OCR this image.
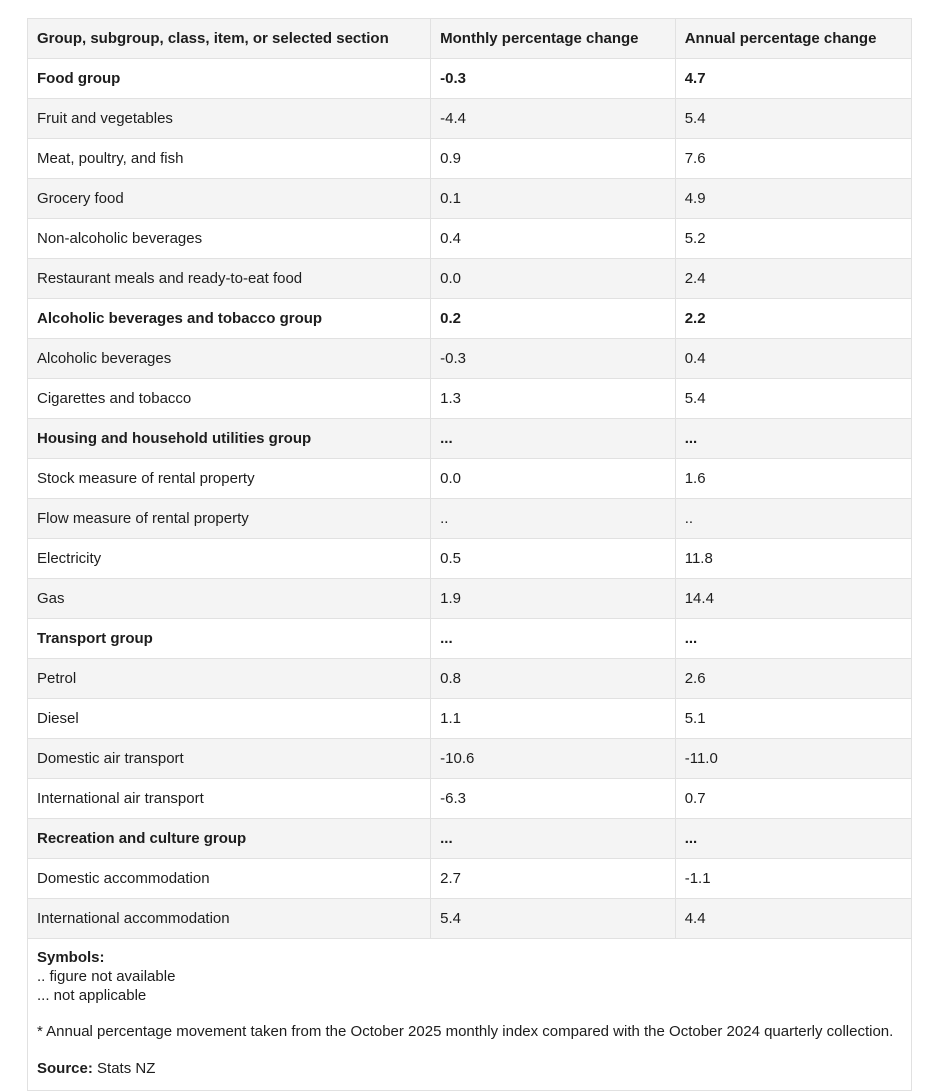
Group, subgroup, class, item, or selected section	Monthly percentage change	Annual percentage change
Food group	-0.3	4.7
Fruit and vegetables	-4.4	5.4
Meat, poultry, and fish	0.9	7.6
Grocery food	0.1	4.9
Non-alcoholic beverages	0.4	5.2
Restaurant meals and ready-to-eat food	0.0	2.4
Alcoholic beverages and tobacco group	0.2	2.2
Alcoholic beverages	-0.3	0.4
Cigarettes and tobacco	1.3	5.4
Housing and household utilities group	...	...
Stock measure of rental property	0.0	1.6
Flow measure of rental property	..	..
Electricity	0.5	11.8
Gas	1.9	14.4
Transport group	...	...
Petrol	0.8	2.6
Diesel	1.1	5.1
Domestic air transport	-10.6	-11.0
International air transport	-6.3	0.7
Recreation and culture group	...	...
Domestic accommodation	2.7	-1.1
International accommodation	5.4	4.4
Symbols:
.. figure not available
... not applicable
* Annual percentage movement taken from the October 2025 monthly index compared with the October 2024 quarterly collection.
Source: Stats NZ
